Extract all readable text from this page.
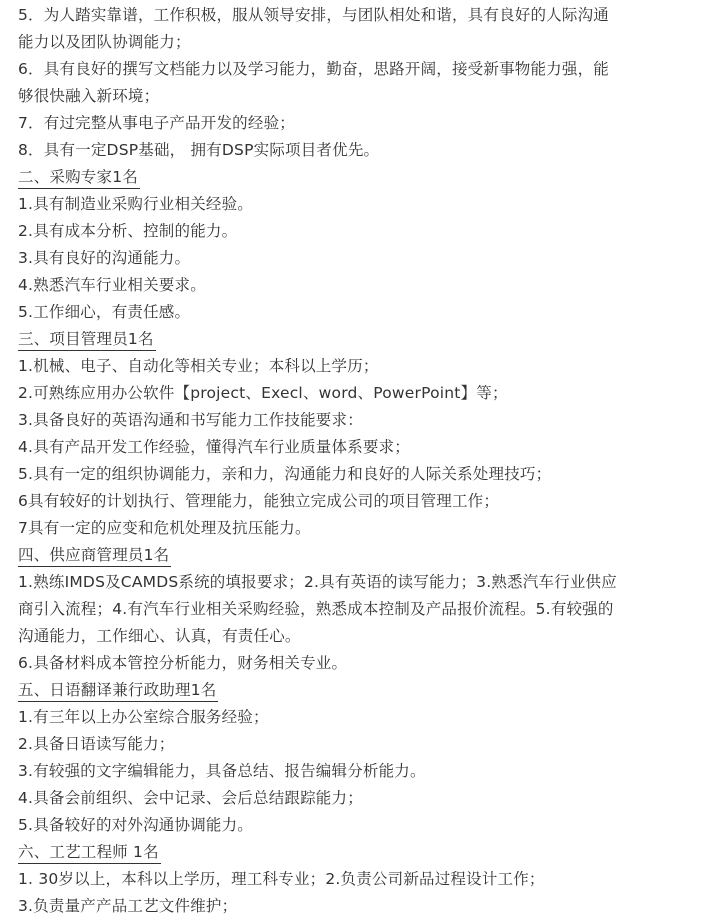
5．为人踏实靠谱，工作积极，服从领导安排，与团队相处和谐，具有良好的人际沟通
能力以及团队协调能力；
6．具有良好的撰写文档能力以及学习能力，勤奋，思路开阔，接受新事物能力强，能
够很快融入新环境；
7．有过完整从事电子产品开发的经验；
8．具有一定DSP基础， 拥有DSP实际项目者优先。
二、采购专家1名
1.具有制造业采购行业相关经验。
2.具有成本分析、控制的能力。
3.具有良好的沟通能力。
4.熟悉汽车行业相关要求。
5.工作细心，有责任感。
三、项目管理员1名
1.机械、电子、自动化等相关专业；本科以上学历；
2.可熟练应用办公软件【project、Execl、word、PowerPoint】等；
3.具备良好的英语沟通和书写能力工作技能要求：
4.具有产品开发工作经验，懂得汽车行业质量体系要求；
5.具有一定的组织协调能力，亲和力，沟通能力和良好的人际关系处理技巧；
6具有较好的计划执行、管理能力，能独立完成公司的项目管理工作；
7具有一定的应变和危机处理及抗压能力。
四、供应商管理员1名
1.熟练IMDS及CAMDS系统的填报要求；2.具有英语的读写能力；3.熟悉汽车行业供应
商引入流程；4.有汽车行业相关采购经验，熟悉成本控制及产品报价流程。5.有较强的
沟通能力，工作细心、认真，有责任心。
6.具备材料成本管控分析能力，财务相关专业。
五、日语翻译兼行政助理1名
1.有三年以上办公室综合服务经验；
2.具备日语读写能力；
3.有较强的文字编辑能力，具备总结、报告编辑分析能力。
4.具备会前组织、会中记录、会后总结跟踪能力；
5.具备较好的对外沟通协调能力。
六、工艺工程师 1名
1. 30岁以上，本科以上学历，理工科专业；2.负责公司新品过程设计工作；
3.负责量产产品工艺文件维护；
